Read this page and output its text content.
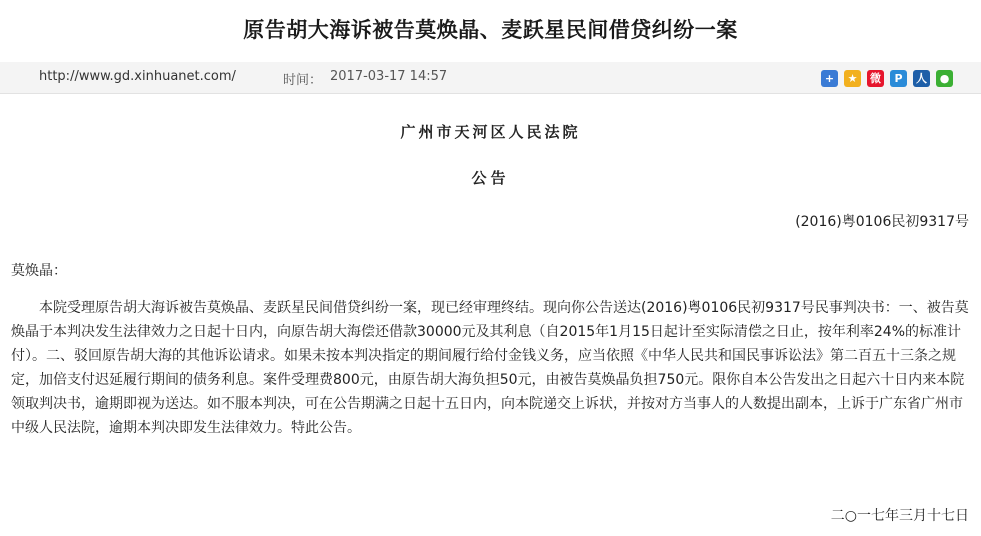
原告胡大海诉被告莫焕晶、麦跃星民间借贷纠纷一案
http://www.gd.xinhuanet.com/	时间： 2017-03-17 14:57	+	★	微	P	人	●
广州市天河区人民法院
公告
(2016)粤0106民初9317号
莫焕晶：

本院受理原告胡大海诉被告莫焕晶、麦跃星民间借贷纠纷一案，现已经审理终结。现向你公告送达(2016)粤0106民初9317号民事判决书：一、被告莫焕晶于本判决发生法律效力之日起十日内，向原告胡大海偿还借款30000元及其利息（自2015年1月15日起计至实际清偿之日止，按年利率24%的标准计付）。二、驳回原告胡大海的其他诉讼请求。如果未按本判决指定的期间履行给付金钱义务，应当依照《中华人民共和国民事诉讼法》第二百五十三条之规定，加倍支付迟延履行期间的债务利息。案件受理费800元，由原告胡大海负担50元，由被告莫焕晶负担750元。限你自本公告发出之日起六十日内来本院领取判决书，逾期即视为送达。如不服本判决，可在公告期满之日起十五日内，向本院递交上诉状，并按对方当事人的人数提出副本，上诉于广东省广州市中级人民法院，逾期本判决即发生法律效力。特此公告。

二○一七年三月十七日
